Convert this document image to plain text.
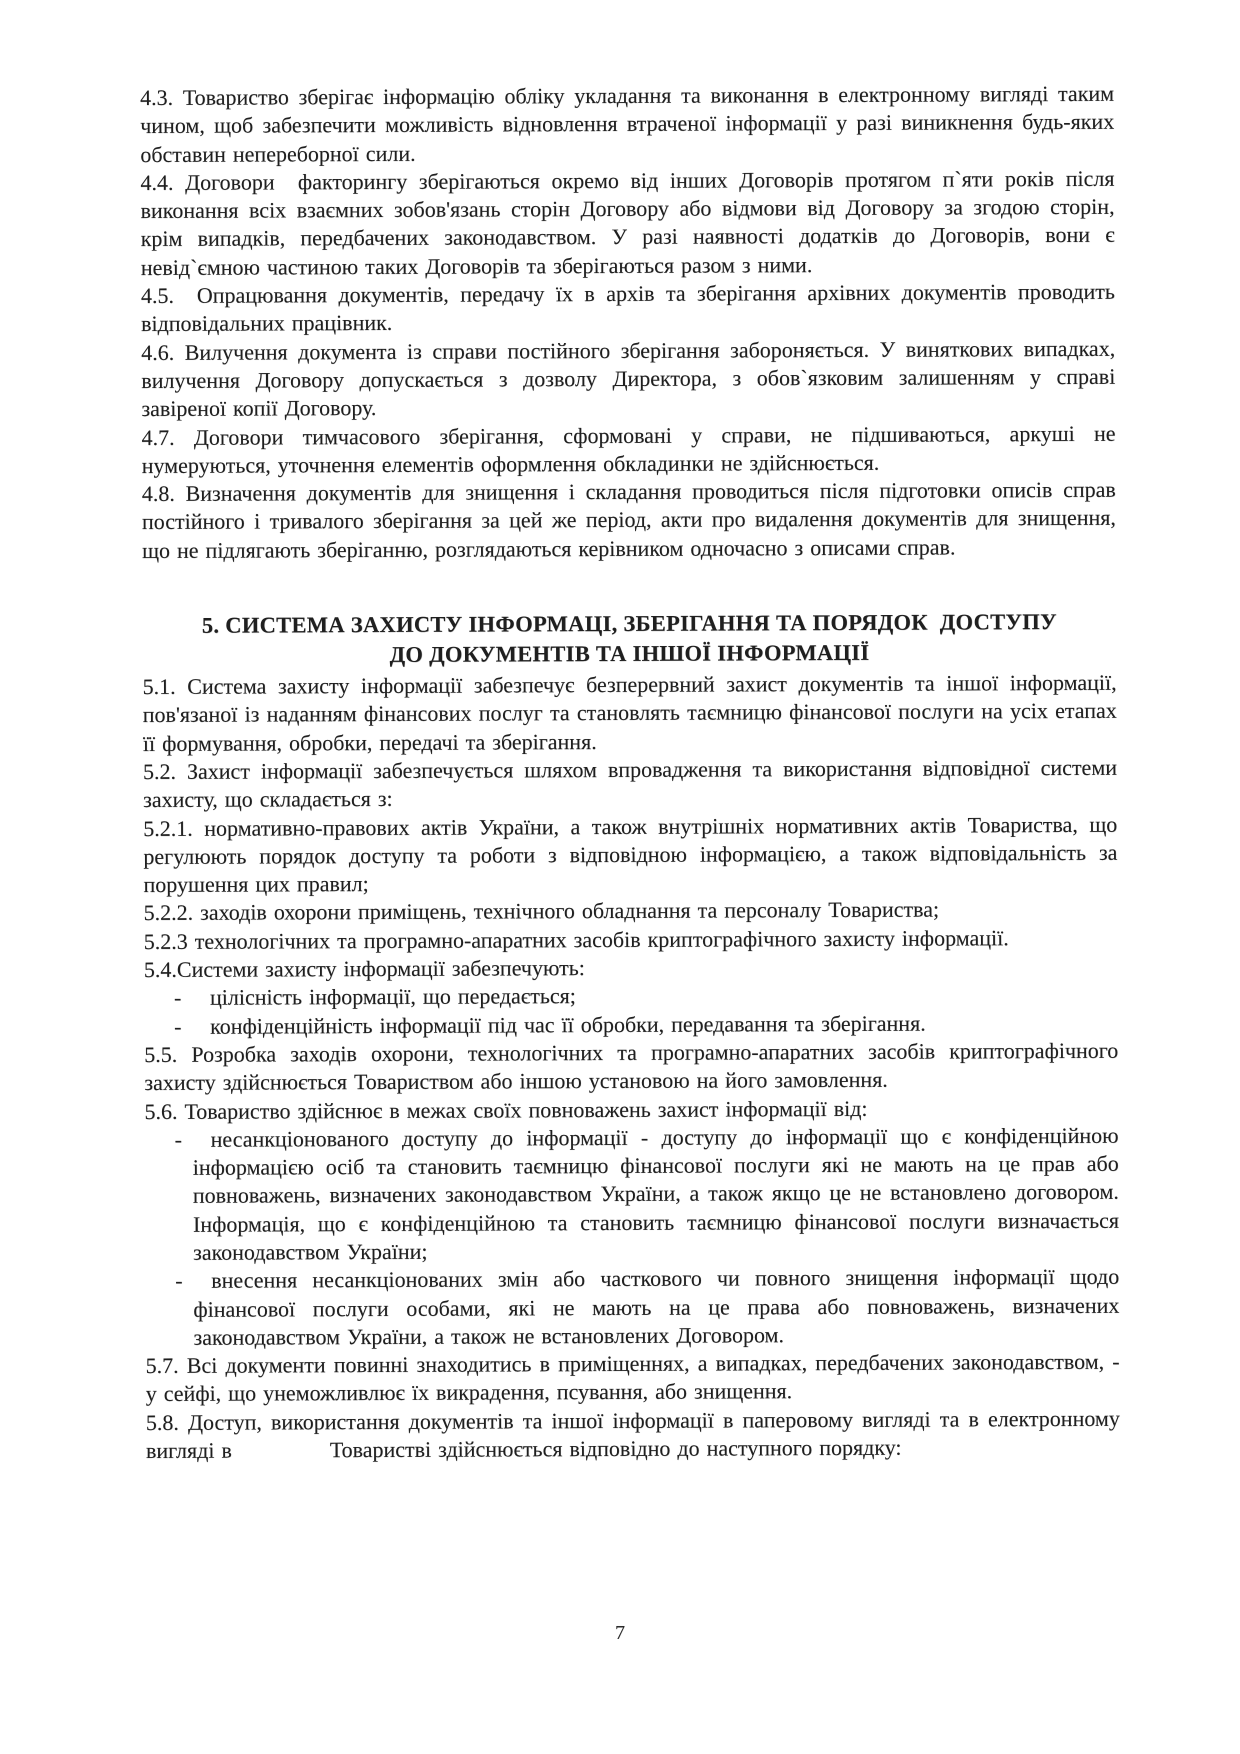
4.3. Товариство зберігає інформацію обліку укладання та виконання в електронному вигляді таким чином, щоб забезпечити можливість відновлення втраченої інформації у разі виникнення будь-яких обставин непереборної сили.

4.4. Договори  факторингу зберігаються окремо від інших Договорів протягом п`яти років після виконання всіх взаємних зобов'язань сторін Договору або відмови від Договору за згодою сторін, крім випадків, передбачених законодавством. У разі наявності додатків до Договорів, вони є невід`ємною частиною таких Договорів та зберігаються разом з ними.

4.5.  Опрацювання документів, передачу їх в архів та зберігання архівних документів проводить відповідальних працівник.

4.6. Вилучення документа із справи постійного зберігання забороняється. У виняткових випадках, вилучення Договору допускається з дозволу Директора, з обов`язковим залишенням у справі завіреної копії Договору.

4.7. Договори тимчасового зберігання, сформовані у справи, не підшиваються, аркуші не нумеруються, уточнення елементів оформлення обкладинки не здійснюється.

4.8. Визначення документів для знищення і складання проводиться після підготовки описів справ постійного і тривалого зберігання за цей же період, акти про видалення документів для знищення, що не підлягають зберіганню, розглядаються керівником одночасно з описами справ.

5. СИСТЕМА ЗАХИСТУ ІНФОРМАЦІ, ЗБЕРІГАННЯ ТА ПОРЯДОК  ДОСТУПУ
ДО ДОКУМЕНТІВ ТА ІНШОЇ ІНФОРМАЦІЇ

5.1. Система захисту інформації забезпечує безперервний захист документів та іншої інформації, пов'язаної із наданням фінансових послуг та становлять таємницю фінансової послуги на усіх етапах її формування, обробки, передачі та зберігання.

5.2. Захист інформації забезпечується шляхом впровадження та використання відповідної системи захисту, що складається з:

5.2.1. нормативно-правових актів України, а також внутрішніх нормативних актів Товариства, що регулюють порядок доступу та роботи з відповідною інформацією, а також відповідальність за порушення цих правил;

5.2.2. заходів охорони приміщень, технічного обладнання та персоналу Товариства;

5.2.3 технологічних та програмно-апаратних засобів криптографічного захисту інформації.

5.4.Системи захисту інформації забезпечують:

- цілісність інформації, що передається;
- конфіденційність інформації під час її обробки, передавання та зберігання.

5.5. Розробка заходів охорони, технологічних та програмно-апаратних засобів криптографічного захисту здійснюється Товариством або іншою установою на його замовлення.

5.6. Товариство здійснює в межах своїх повноважень захист інформації від:

- несанкціонованого доступу до інформації - доступу до інформації що є конфіденційною інформацією осіб та становить таємницю фінансової послуги які не мають на це прав або повноважень, визначених законодавством України, а також якщо це не встановлено договором. Інформація, що є конфіденційною та становить таємницю фінансової послуги визначається законодавством України;
- внесення несанкціонованих змін або часткового чи повного знищення інформації щодо фінансової послуги особами, які не мають на це права або повноважень, визначених законодавством України, а також не встановлених Договором.

5.7. Всі документи повинні знаходитись в приміщеннях, а випадках, передбачених законодавством, - у сейфі, що унеможливлює їх викрадення, псування, або знищення.

5.8. Доступ, використання документів та іншої інформації в паперовому вигляді та в електронному вигляді в              Товаристві здійснюється відповідно до наступного порядку:

7
